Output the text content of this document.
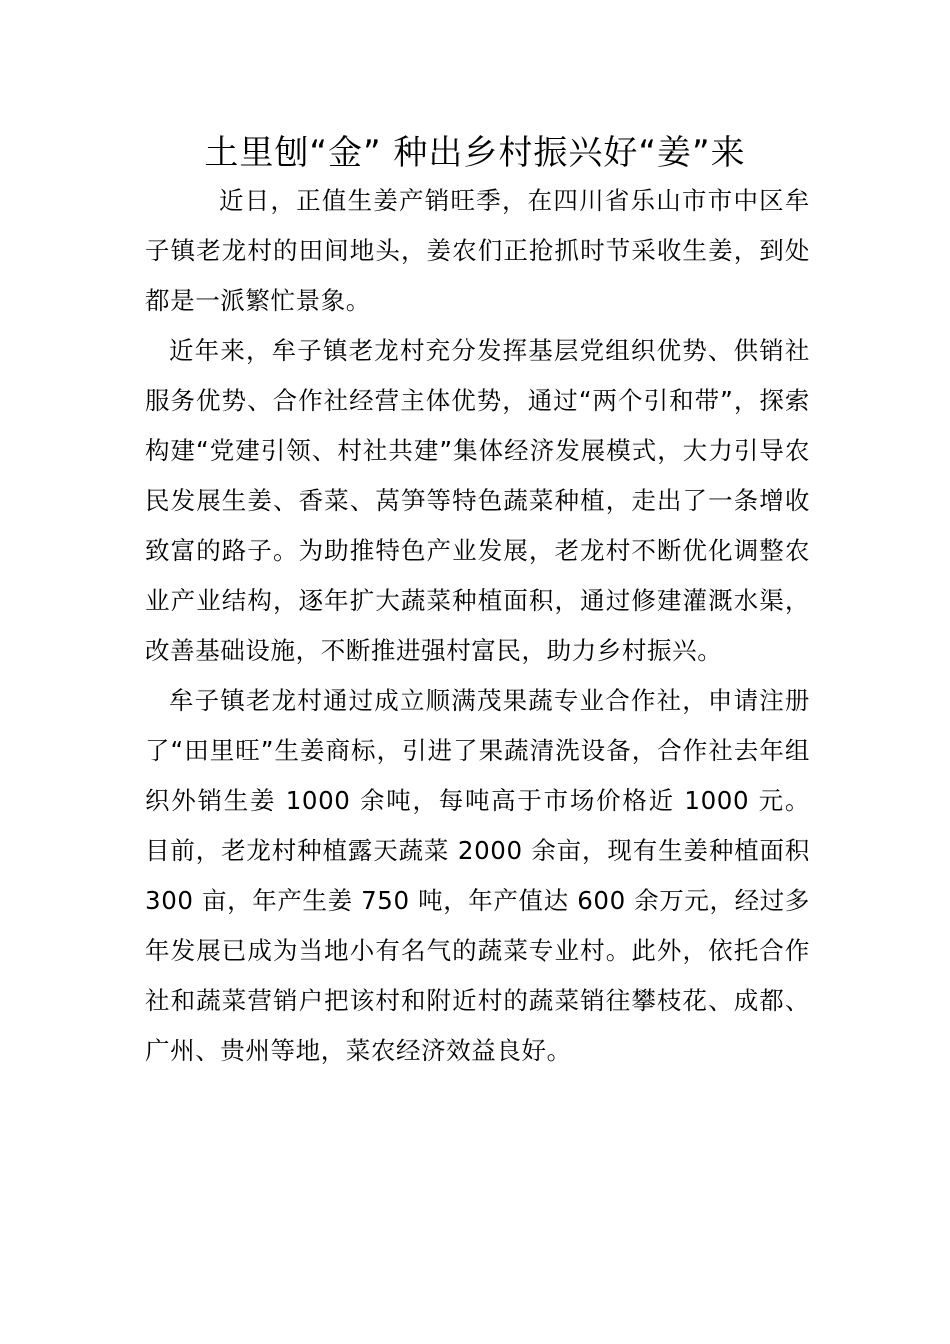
土里刨“金” 种出乡村振兴好“姜”来

近日，正值生姜产销旺季，在四川省乐山市市中区牟子镇老龙村的田间地头，姜农们正抢抓时节采收生姜，到处都是一派繁忙景象。

近年来，牟子镇老龙村充分发挥基层党组织优势、供销社服务优势、合作社经营主体优势，通过“两个引和带”，探索构建“党建引领、村社共建”集体经济发展模式，大力引导农民发展生姜、香菜、莴笋等特色蔬菜种植，走出了一条增收致富的路子。为助推特色产业发展，老龙村不断优化调整农业产业结构，逐年扩大蔬菜种植面积，通过修建灌溉水渠，改善基础设施，不断推进强村富民，助力乡村振兴。

牟子镇老龙村通过成立顺满茂果蔬专业合作社，申请注册了“田里旺”生姜商标，引进了果蔬清洗设备，合作社去年组织外销生姜 1000 余吨，每吨高于市场价格近 1000 元。目前，老龙村种植露天蔬菜 2000 余亩，现有生姜种植面积 300 亩，年产生姜 750 吨，年产值达 600 余万元，经过多年发展已成为当地小有名气的蔬菜专业村。此外，依托合作社和蔬菜营销户把该村和附近村的蔬菜销往攀枝花、成都、广州、贵州等地，菜农经济效益良好。
